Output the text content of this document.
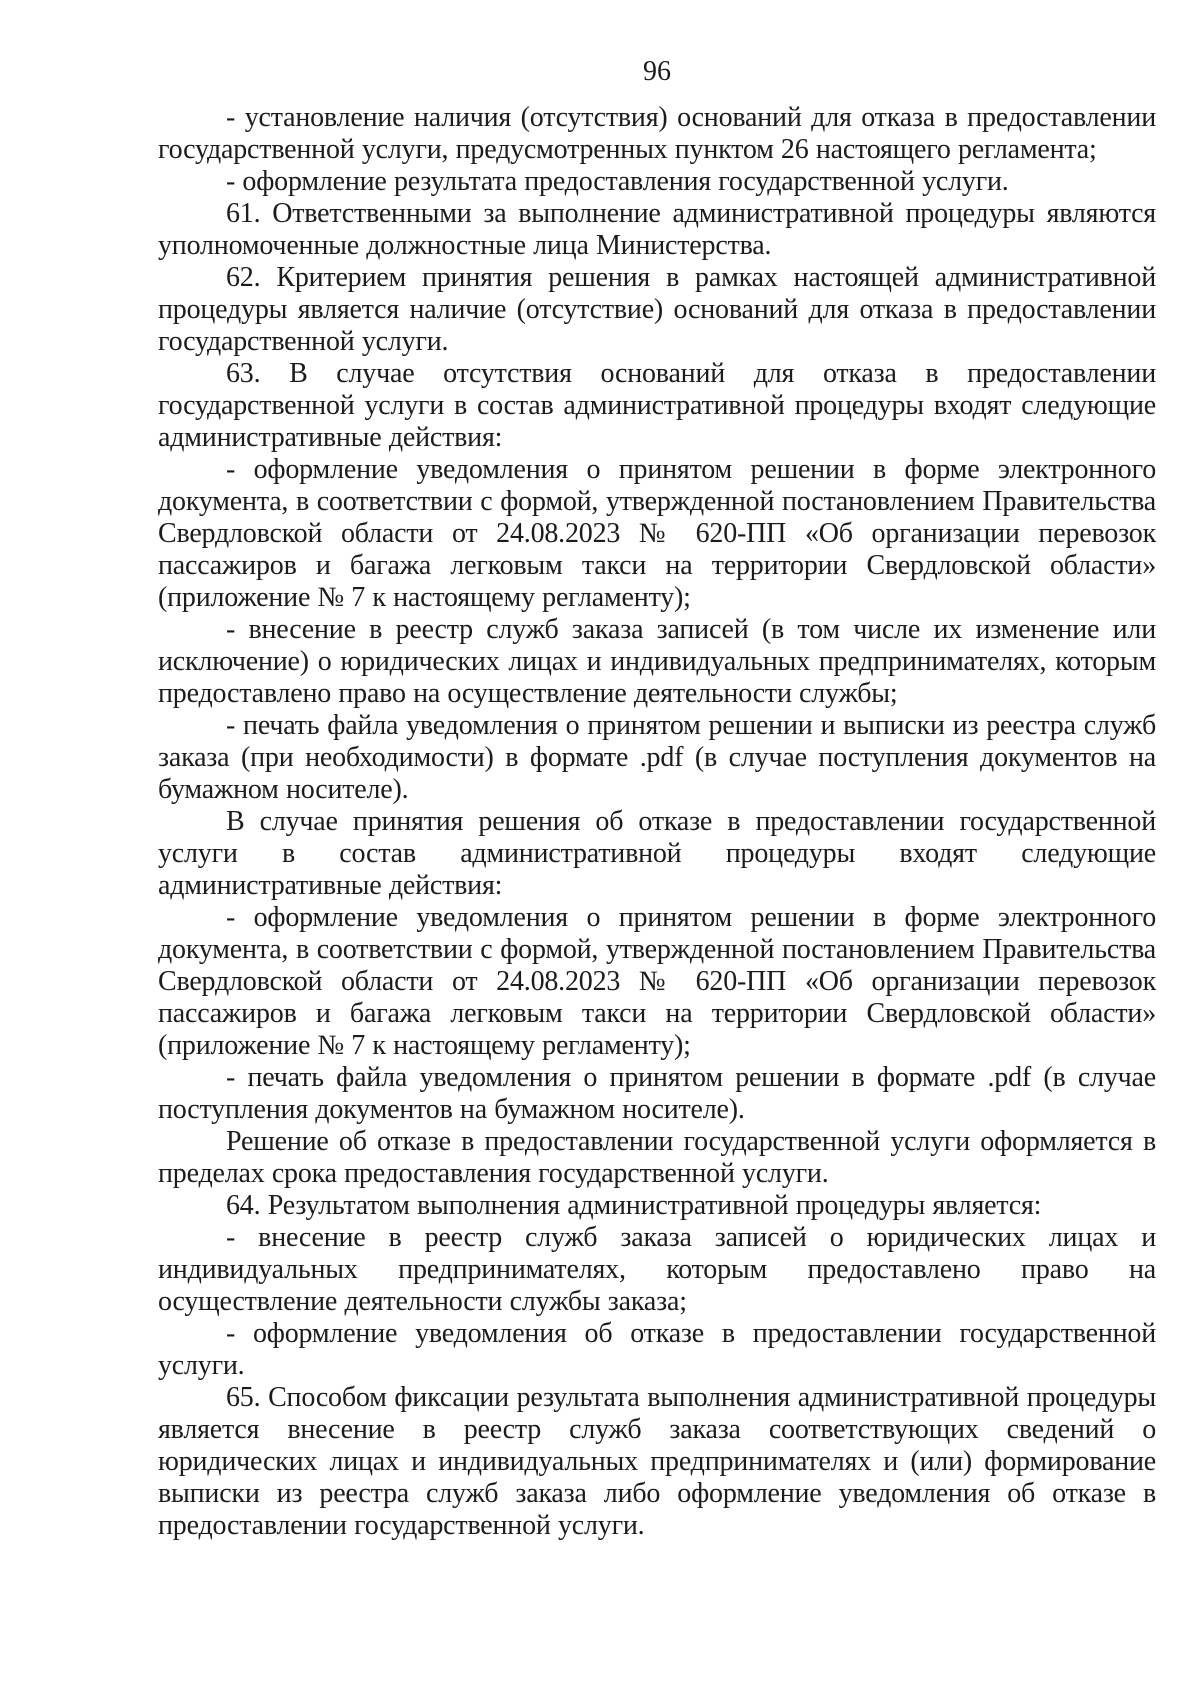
96

- установление наличия (отсутствия) оснований для отказа в предоставлении государственной услуги, предусмотренных пунктом 26 настоящего регламента;

- оформление результата предоставления государственной услуги.

61. Ответственными за выполнение административной процедуры являются уполномоченные должностные лица Министерства.

62. Критерием принятия решения в рамках настоящей административной процедуры является наличие (отсутствие) оснований для отказа в предоставлении государственной услуги.

63. В случае отсутствия оснований для отказа в предоставлении государственной услуги в состав административной процедуры входят следующие административные действия:

- оформление уведомления о принятом решении в форме электронного документа, в соответствии с формой, утвержденной постановлением Правительства Свердловской области от 24.08.2023 № 620-ПП «Об организации перевозок пассажиров и багажа легковым такси на территории Свердловской области» (приложение № 7 к настоящему регламенту);

- внесение в реестр служб заказа записей (в том числе их изменение или исключение) о юридических лицах и индивидуальных предпринимателях, которым предоставлено право на осуществление деятельности службы;

- печать файла уведомления о принятом решении и выписки из реестра служб заказа (при необходимости) в формате .pdf (в случае поступления документов на бумажном носителе).

В случае принятия решения об отказе в предоставлении государственной услуги в состав административной процедуры входят следующие административные действия:

- оформление уведомления о принятом решении в форме электронного документа, в соответствии с формой, утвержденной постановлением Правительства Свердловской области от 24.08.2023 № 620-ПП «Об организации перевозок пассажиров и багажа легковым такси на территории Свердловской области» (приложение № 7 к настоящему регламенту);

- печать файла уведомления о принятом решении в формате .pdf (в случае поступления документов на бумажном носителе).

Решение об отказе в предоставлении государственной услуги оформляется в пределах срока предоставления государственной услуги.

64. Результатом выполнения административной процедуры является:

- внесение в реестр служб заказа записей о юридических лицах и индивидуальных предпринимателях, которым предоставлено право на осуществление деятельности службы заказа;

- оформление уведомления об отказе в предоставлении государственной услуги.

65. Способом фиксации результата выполнения административной процедуры является внесение в реестр служб заказа соответствующих сведений о юридических лицах и индивидуальных предпринимателях и (или) формирование выписки из реестра служб заказа либо оформление уведомления об отказе в предоставлении государственной услуги.
